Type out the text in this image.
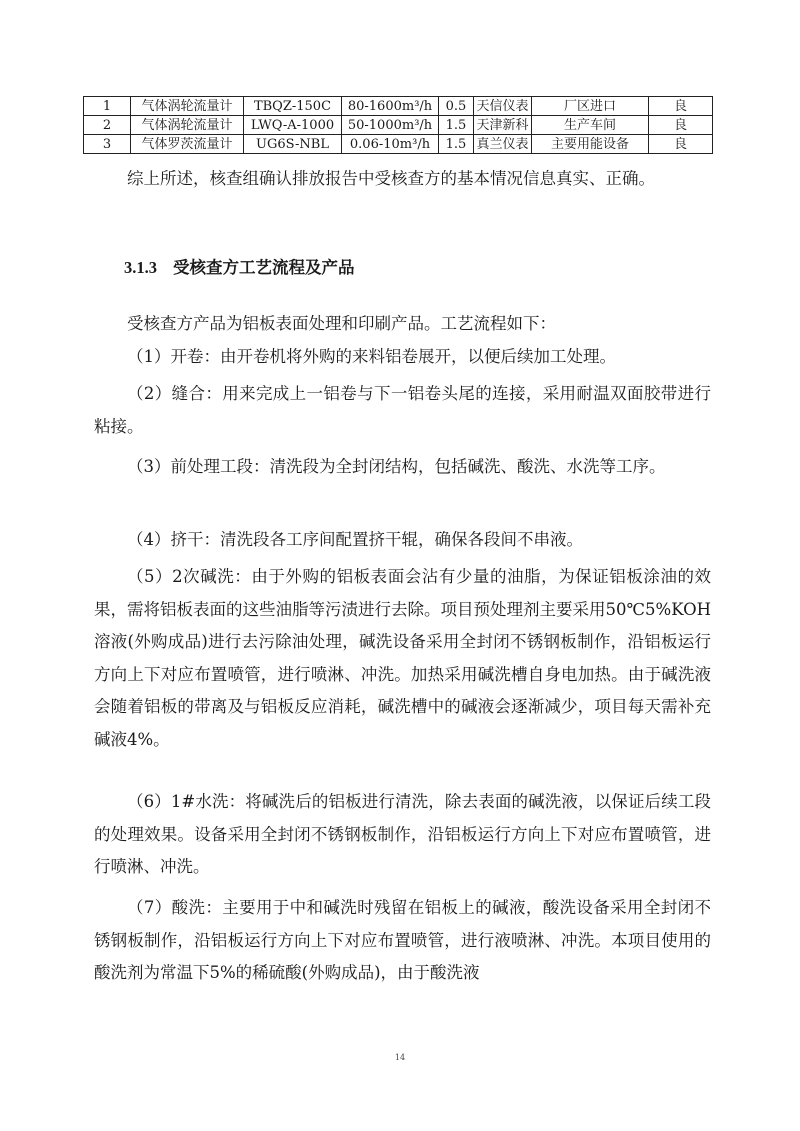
1	气体涡轮流量计	TBQZ-150C	80-1600m³/h	0.5	天信仪表	厂区进口	良
2	气体涡轮流量计	LWQ-A-1000	50-1000m³/h	1.5	天津新科	生产车间	良
3	气体罗茨流量计	UG6S-NBL	0.06-10m³/h	1.5	真兰仪表	主要用能设备	良

综上所述，核查组确认排放报告中受核查方的基本情况信息真实、正确。

3.1.3 受核查方工艺流程及产品

受核查方产品为铝板表面处理和印刷产品。工艺流程如下：

（1）开卷：由开卷机将外购的来料铝卷展开，以便后续加工处理。

（2）缝合：用来完成上一铝卷与下一铝卷头尾的连接，采用耐温双面胶带进行粘接。

（3）前处理工段：清洗段为全封闭结构，包括碱洗、酸洗、水洗等工序。

（4）挤干：清洗段各工序间配置挤干辊，确保各段间不串液。

（5）2次碱洗：由于外购的铝板表面会沾有少量的油脂，为保证铝板涂油的效果，需将铝板表面的这些油脂等污渍进行去除。项目预处理剂主要采用50℃5%KOH溶液(外购成品)进行去污除油处理，碱洗设备采用全封闭不锈钢板制作，沿铝板运行方向上下对应布置喷管，进行喷淋、冲洗。加热采用碱洗槽自身电加热。由于碱洗液会随着铝板的带离及与铝板反应消耗，碱洗槽中的碱液会逐渐减少，项目每天需补充碱液4%。

（6）1#水洗：将碱洗后的铝板进行清洗，除去表面的碱洗液，以保证后续工段的处理效果。设备采用全封闭不锈钢板制作，沿铝板运行方向上下对应布置喷管，进行喷淋、冲洗。

（7）酸洗：主要用于中和碱洗时残留在铝板上的碱液，酸洗设备采用全封闭不锈钢板制作，沿铝板运行方向上下对应布置喷管，进行液喷淋、冲洗。本项目使用的酸洗剂为常温下5%的稀硫酸(外购成品)，由于酸洗液

14
